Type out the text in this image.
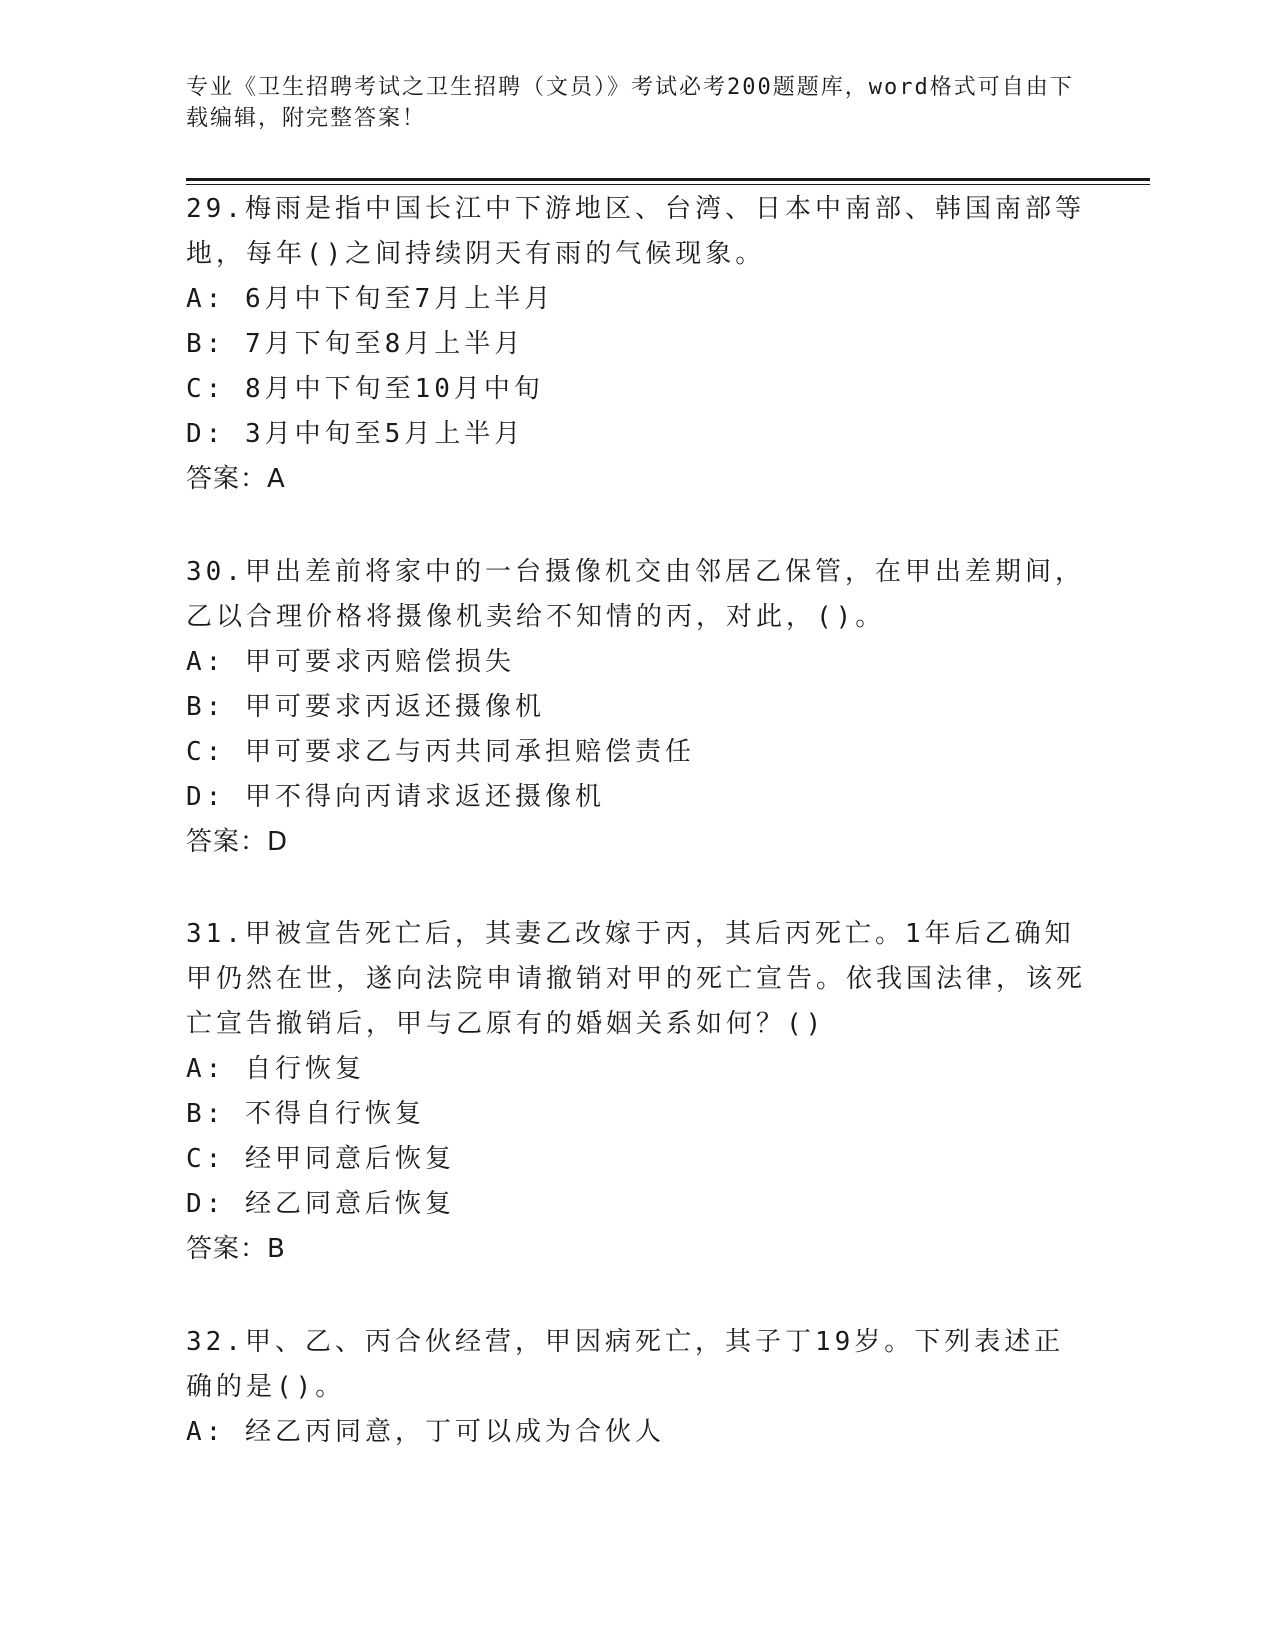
专业《卫生招聘考试之卫生招聘（文员）》考试必考200题题库，word格式可自由下载编辑，附完整答案！

29.梅雨是指中国长江中下游地区、台湾、日本中南部、韩国南部等地，每年()之间持续阴天有雨的气候现象。

A: 6月中下旬至7月上半月

B: 7月下旬至8月上半月

C: 8月中下旬至10月中旬

D: 3月中旬至5月上半月

答案：A

30.甲出差前将家中的一台摄像机交由邻居乙保管，在甲出差期间，乙以合理价格将摄像机卖给不知情的丙，对此，()。

A: 甲可要求丙赔偿损失

B: 甲可要求丙返还摄像机

C: 甲可要求乙与丙共同承担赔偿责任

D: 甲不得向丙请求返还摄像机

答案：D

31.甲被宣告死亡后，其妻乙改嫁于丙，其后丙死亡。1年后乙确知甲仍然在世，遂向法院申请撤销对甲的死亡宣告。依我国法律，该死亡宣告撤销后，甲与乙原有的婚姻关系如何？()

A: 自行恢复

B: 不得自行恢复

C: 经甲同意后恢复

D: 经乙同意后恢复

答案：B

32.甲、乙、丙合伙经营，甲因病死亡，其子丁19岁。下列表述正确的是()。

A: 经乙丙同意，丁可以成为合伙人
